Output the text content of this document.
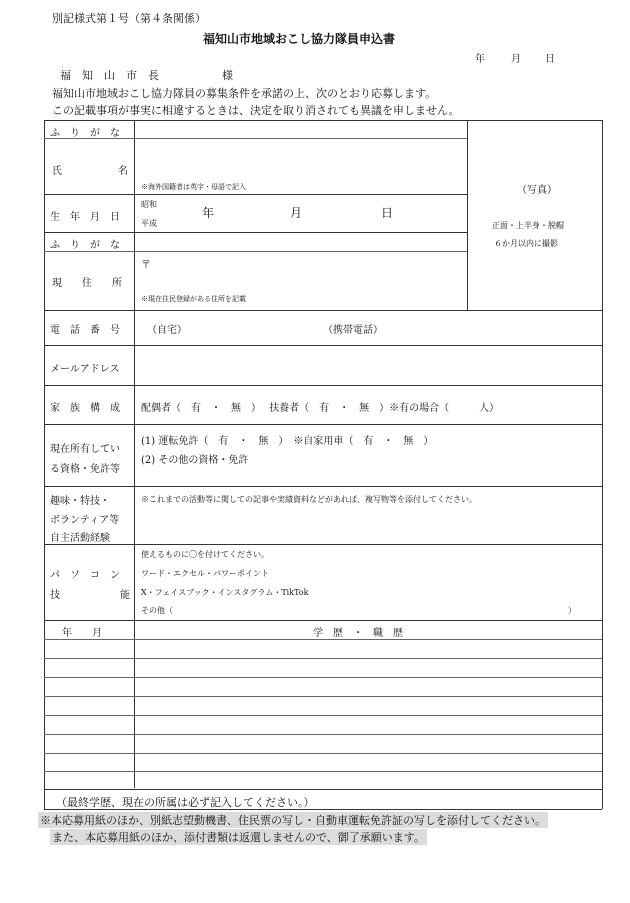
別記様式第１号（第４条関係）
福知山市地域おこし協力隊員申込書
年	月 日
福　知　山　市　長	様
福知山市地域おこし協力隊員の募集条件を承諾の上、次のとおり応募します。
この記載事項が事実に相違するときは、決定を取り消されても異議を申しません。
ふ　り　が　な
氏	名
※海外国籍者は英字・母語で記入
生　年　月　日
昭和
平成
年	月	日
ふ　り　が　な
現　　住　　所
〒
※現在住民登録がある住所を記載
（写真）
正面・上半身・脱帽
６か月以内に撮影
電　話　番　号	（自宅）	（携帯電話）
メールアドレス
家　族　構　成 配偶者（　有　・　無　）　 扶養者（　有　・　無　）※有の場合（　　　人）
現在所有してい
る資格・免許等
(1) 運転免許（　有　・　無　）　※自家用車（　有　・　無　）
(2) その他の資格・免許
趣味・特技・
ボランティア等
自主活動経験
※これまでの活動等に関しての記事や実績資料などがあれば、複写物等を添付してください。
パ　ソ　コ　ン
技	能
使えるものに〇を付けてください。
ワード・エクセル・パワーポイント
X・フェイスブック・インスタグラム・TikTok
その他（	）
年　　月	学　歴　・　職　歴
（最終学歴、現在の所属は必ず記入してください。）
※本応募用紙のほか、別紙志望動機書、住民票の写し・自動車運転免許証の写しを添付してください。
また、本応募用紙のほか、添付書類は返還しませんので、御了承願います。
